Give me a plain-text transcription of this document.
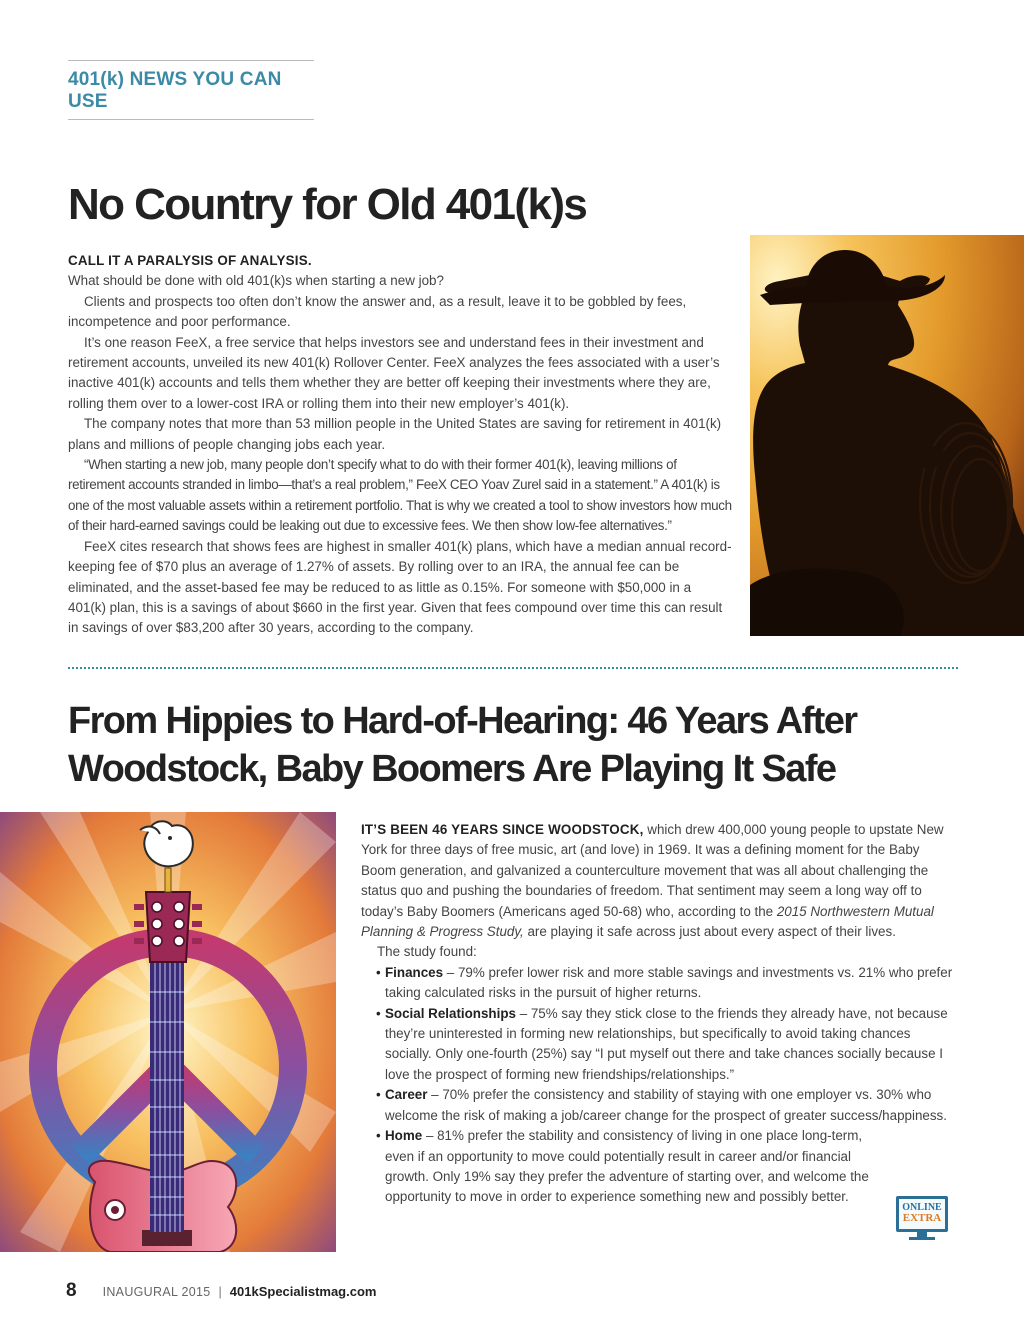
401(k) NEWS YOU CAN USE
No Country for Old 401(k)s

CALL IT A PARALYSIS OF ANALYSIS.

What should be done with old 401(k)s when starting a new job?

Clients and prospects too often don’t know the answer and, as a result, leave it to be gobbled by fees, incompetence and poor performance.

It’s one reason FeeX, a free service that helps investors see and understand fees in their investment and retirement accounts, unveiled its new 401(k) Rollover Center. FeeX analyzes the fees associated with a user’s inactive 401(k) accounts and tells them whether they are better off keeping their investments where they are, rolling them over to a lower-cost IRA or rolling them into their new employer’s 401(k).

The company notes that more than 53 million people in the United States are saving for retirement in 401(k) plans and millions of people changing jobs each year.

“When starting a new job, many people don’t specify what to do with their former 401(k), leaving millions of retirement accounts stranded in limbo—that’s a real problem,” FeeX CEO Yoav Zurel said in a statement.” A 401(k) is one of the most valuable assets within a retirement portfolio. That is why we created a tool to show investors how much of their hard-earned savings could be leaking out due to excessive fees. We then show low-fee alternatives.”

FeeX cites research that shows fees are highest in smaller 401(k) plans, which have a median annual record-keeping fee of $70 plus an average of 1.27% of assets. By rolling over to an IRA, the annual fee can be eliminated, and the asset-based fee may be reduced to as little as 0.15%. For someone with $50,000 in a 401(k) plan, this is a savings of about $660 in the first year. Given that fees compound over time this can result in savings of over $83,200 after 30 years, according to the company.

From Hippies to Hard-of-Hearing: 46 Years After Woodstock, Baby Boomers Are Playing It Safe

IT’S BEEN 46 YEARS SINCE WOODSTOCK, which drew 400,000 young people to upstate New York for three days of free music, art (and love) in 1969. It was a defining moment for the Baby Boom generation, and galvanized a counterculture movement that was all about challenging the status quo and pushing the boundaries of freedom. That sentiment may seem a long way off to today’s Baby Boomers (Americans aged 50-68) who, according to the 2015 Northwestern Mutual Planning & Progress Study, are playing it safe across just about every aspect of their lives.

The study found:

• Finances – 79% prefer lower risk and more stable savings and investments vs. 21% who prefer taking calculated risks in the pursuit of higher returns.
• Social Relationships – 75% say they stick close to the friends they already have, not because they’re uninterested in forming new relationships, but specifically to avoid taking chances socially. Only one-fourth (25%) say “I put myself out there and take chances socially because I love the prospect of forming new friendships/relationships.”
• Career – 70% prefer the consistency and stability of staying with one employer vs. 30% who welcome the risk of making a job/career change for the prospect of greater success/happiness.
• Home – 81% prefer the stability and consistency of living in one place long-term, even if an opportunity to move could potentially result in career and/or financial growth. Only 19% say they prefer the adventure of starting over, and welcome the opportunity to move in order to experience something new and possibly better.
ONLINE
EXTRA
8 INAUGURAL 2015 | 401kSpecialistmag.com
